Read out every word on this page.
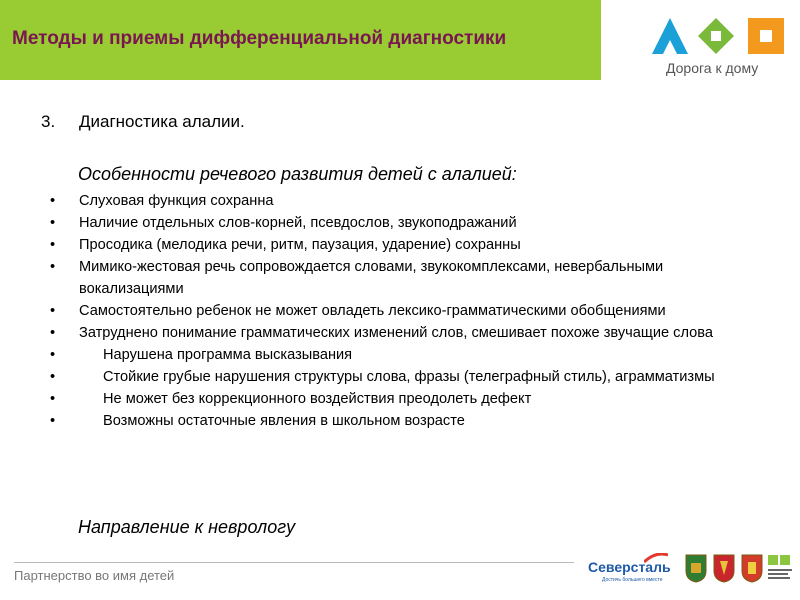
Методы и приемы дифференциальной диагностики
Дорога к дому
3. Диагностика алалии.
Особенности речевого развития детей с алалией:
• Слуховая функция сохранна
• Наличие отдельных слов-корней, псевдослов, звукоподражаний
• Просодика (мелодика речи, ритм, паузация, ударение) сохранны
• Мимико-жестовая речь сопровождается словами, звукокомплексами, невербальными вокализациями
• Самостоятельно ребенок не может овладеть лексико-грамматическими обобщениями
• Затруднено понимание грамматических изменений слов, смешивает похоже звучащие слова
• Нарушена программа высказывания
• Стойкие грубые нарушения структуры слова, фразы (телеграфный стиль), аграмматизмы
• Не может без коррекционного воздействия преодолеть дефект
• Возможны остаточные явления в школьном возрасте
Направление к неврологу
Партнерство во имя детей
Северсталь
Достичь большего вместе
